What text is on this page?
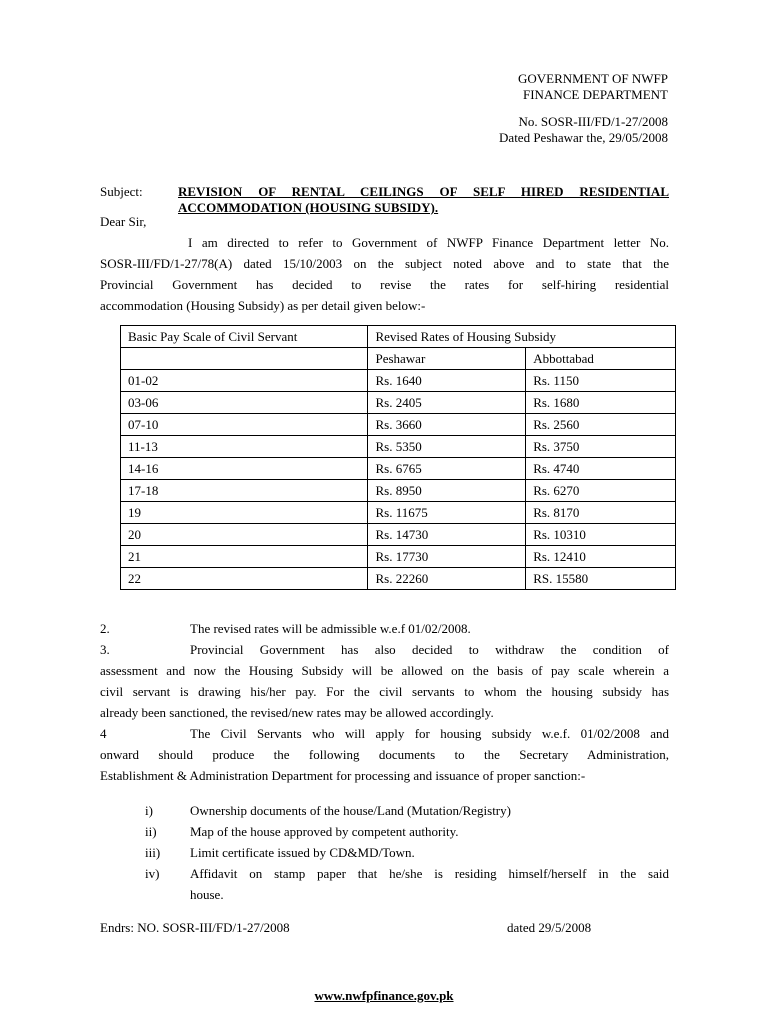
GOVERNMENT OF NWFP
FINANCE DEPARTMENT
No. SOSR-III/FD/1-27/2008
Dated Peshawar the, 29/05/2008
Subject:	REVISION OF RENTAL CEILINGS OF SELF HIRED RESIDENTIAL
ACCOMMODATION (HOUSING SUBSIDY).
Dear Sir,
I am directed to refer to Government of NWFP Finance Department letter No.
SOSR-III/FD/1-27/78(A) dated 15/10/2003 on the subject noted above and to state that the
Provincial Government has decided to revise the rates for self-hiring residential
accommodation (Housing Subsidy) as per detail given below:-
Basic Pay Scale of Civil Servant	Revised Rates of Housing Subsidy	
	Peshawar	Abbottabad
01-02	Rs. 1640	Rs. 1150
03-06	Rs. 2405	Rs. 1680
07-10	Rs. 3660	Rs. 2560
11-13	Rs. 5350	Rs. 3750
14-16	Rs. 6765	Rs. 4740
17-18	Rs. 8950	Rs. 6270
19	Rs. 11675	Rs. 8170
20	Rs. 14730	Rs. 10310
21	Rs. 17730	Rs. 12410
22	Rs. 22260	RS. 15580
2.	The revised rates will be admissible w.e.f 01/02/2008.
3.	Provincial Government has also decided to withdraw the condition of
assessment and now the Housing Subsidy will be allowed on the basis of pay scale wherein a
civil servant is drawing his/her pay. For the civil servants to whom the housing subsidy has
already been sanctioned, the revised/new rates may be allowed accordingly.
4	The Civil Servants who will apply for housing subsidy w.e.f. 01/02/2008 and
onward should produce the following documents to the Secretary Administration,
Establishment & Administration Department for processing and issuance of proper sanction:-
i)	Ownership documents of the house/Land (Mutation/Registry)
ii)	Map of the house approved by competent authority.
iii) Limit certificate issued by CD&MD/Town.
iv) Affidavit on stamp paper that he/she is residing himself/herself in the said
house.
Endrs: NO. SOSR-III/FD/1-27/2008	dated 29/5/2008
www.nwfpfinance.gov.pk
